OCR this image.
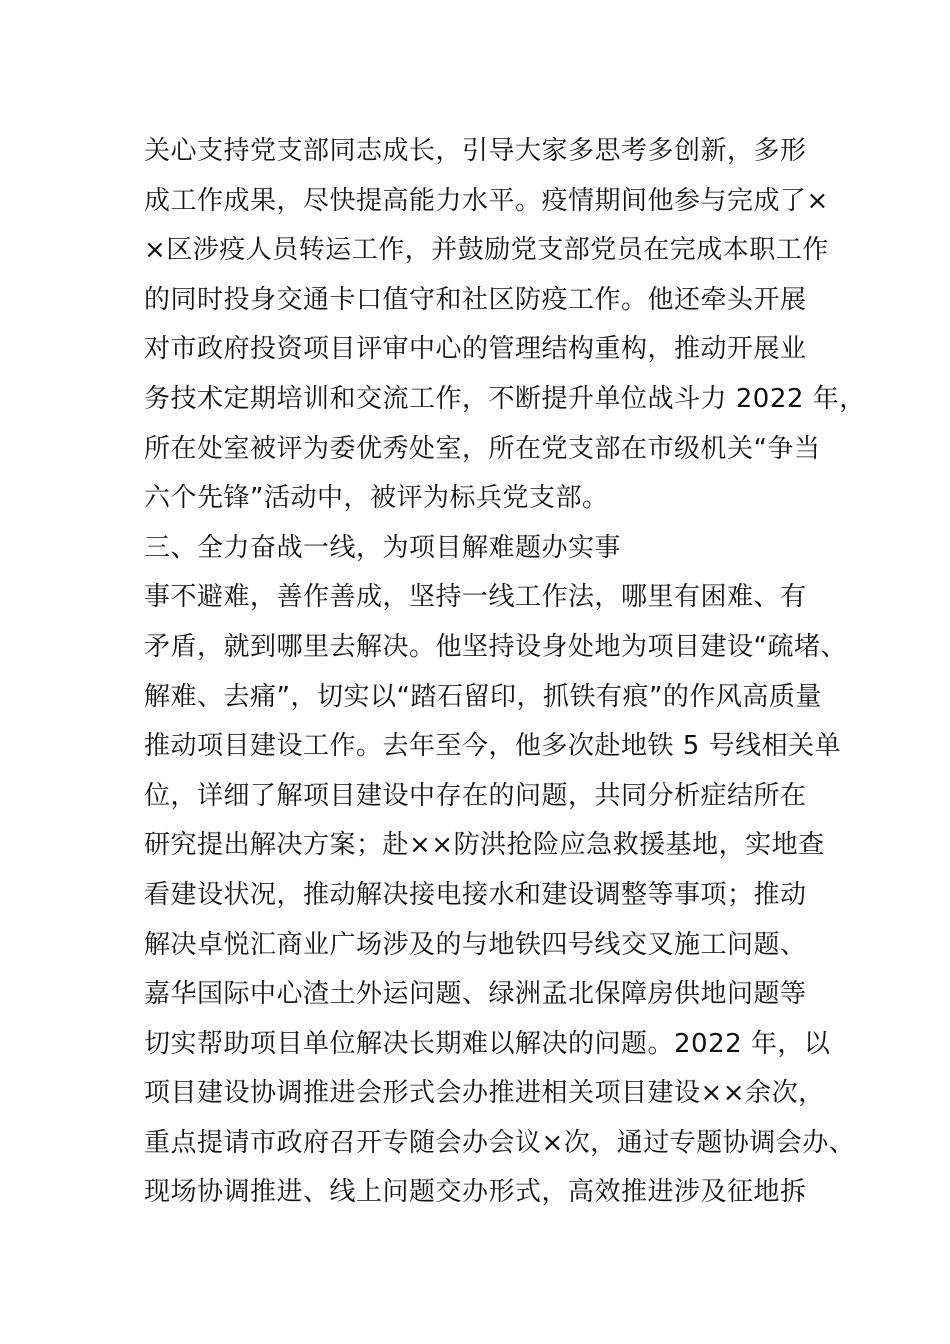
关心支持党支部同志成长，引导大家多思考多创新，多形
成工作成果，尽快提高能力水平。疫情期间他参与完成了×
×区涉疫人员转运工作，并鼓励党支部党员在完成本职工作
的同时投身交通卡口值守和社区防疫工作。他还牵头开展
对市政府投资项目评审中心的管理结构重构，推动开展业
务技术定期培训和交流工作，不断提升单位战斗力 2022 年，
所在处室被评为委优秀处室，所在党支部在市级机关“争当
六个先锋”活动中，被评为标兵党支部。
三、全力奋战一线，为项目解难题办实事
事不避难，善作善成，坚持一线工作法，哪里有困难、有
矛盾，就到哪里去解决。他坚持设身处地为项目建设“疏堵、
解难、去痛”，切实以“踏石留印，抓铁有痕”的作风高质量
推动项目建设工作。去年至今，他多次赴地铁 5 号线相关单
位，详细了解项目建设中存在的问题，共同分析症结所在
研究提出解决方案；赴××防洪抢险应急救援基地，实地查
看建设状况，推动解决接电接水和建设调整等事项；推动
解决卓悦汇商业广场涉及的与地铁四号线交叉施工问题、
嘉华国际中心渣土外运问题、绿洲孟北保障房供地问题等
切实帮助项目单位解决长期难以解决的问题。2022 年，以
项目建设协调推进会形式会办推进相关项目建设××余次，
重点提请市政府召开专随会办会议×次，通过专题协调会办、
现场协调推进、线上问题交办形式，高效推进涉及征地拆
